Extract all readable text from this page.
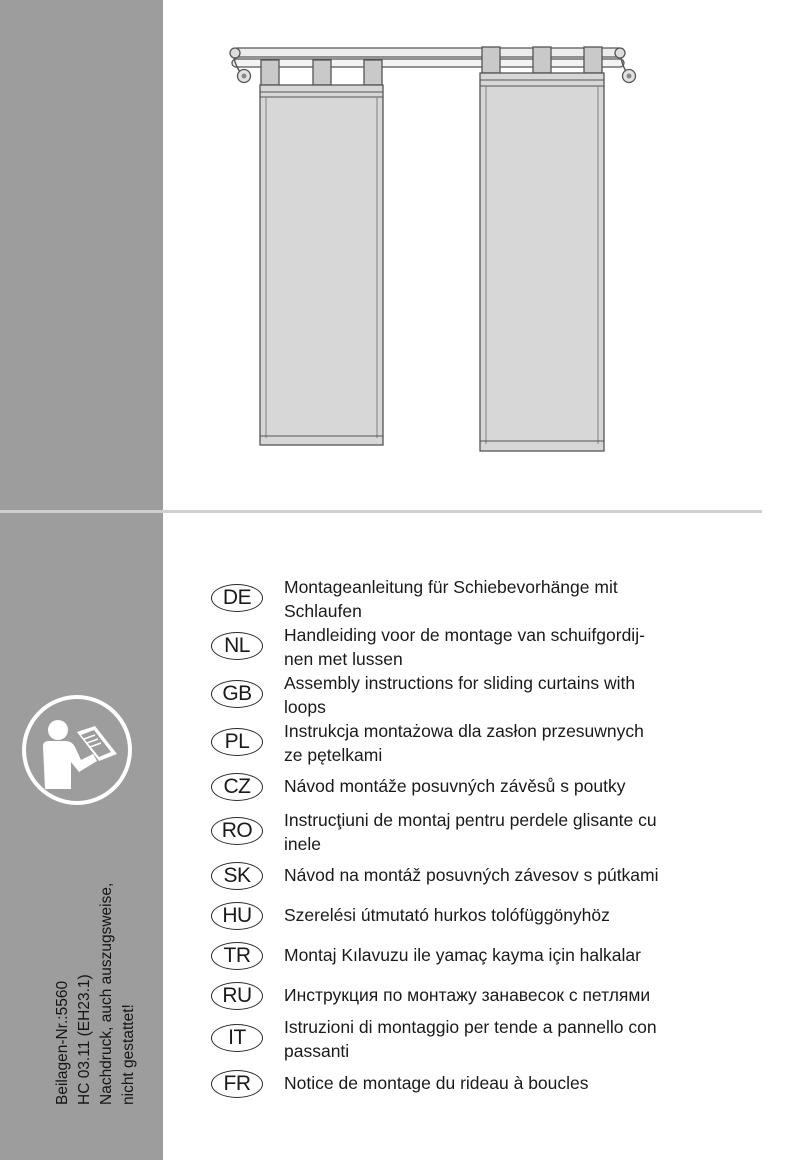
Beilagen-Nr.:5560 HC 03.11 (EH23.1) Nachdruck, auch auszugsweise, nicht gestattet!
DE	Montageanleitung für Schiebevorhänge mit
Schlaufen
NL	Handleiding voor de montage van schuifgordij-
nen met lussen
GB	Assembly instructions for sliding curtains with
loops
PL	Instrukcja montażowa dla zasłon przesuwnych
ze pętelkami
CZ	Návod montáže posuvných závěsů s poutky
RO	Instrucţiuni de montaj pentru perdele glisante cu
inele
SK	Návod na montáž posuvných závesov s pútkami
HU	Szerelési útmutató hurkos tolófüggönyhöz
TR	Montaj Kılavuzu ile yamaç kayma için halkalar
RU	Инструкция по монтажу занавесок с петлями
IT	Istruzioni di montaggio per tende a pannello con
passanti
FR	Notice de montage du rideau à boucles
